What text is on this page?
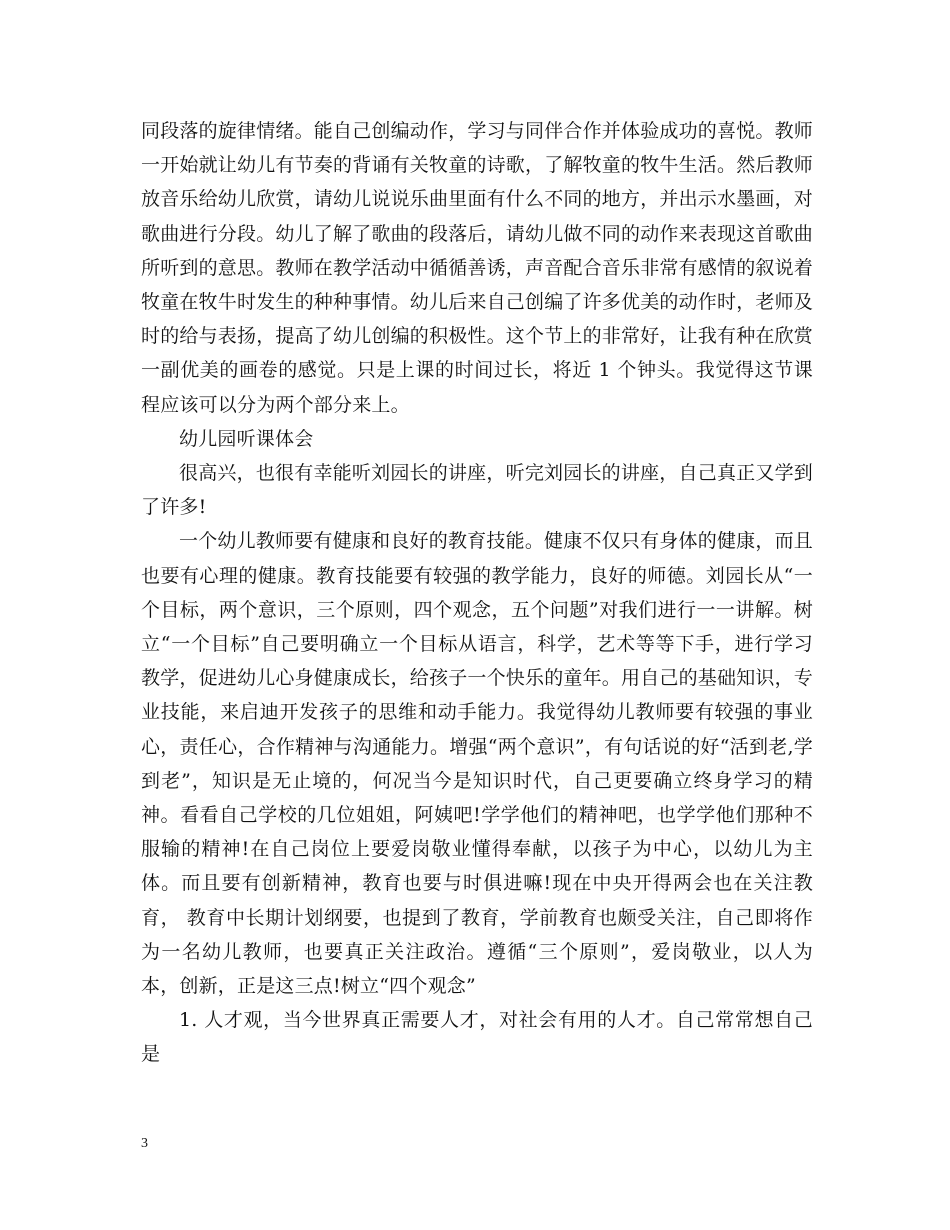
同段落的旋律情绪。能自己创编动作，学习与同伴合作并体验成功的喜悦。教师一开始就让幼儿有节奏的背诵有关牧童的诗歌，了解牧童的牧牛生活。然后教师放音乐给幼儿欣赏，请幼儿说说乐曲里面有什么不同的地方，并出示水墨画，对歌曲进行分段。幼儿了解了歌曲的段落后，请幼儿做不同的动作来表现这首歌曲所听到的意思。教师在教学活动中循循善诱，声音配合音乐非常有感情的叙说着牧童在牧牛时发生的种种事情。幼儿后来自己创编了许多优美的动作时，老师及时的给与表扬，提高了幼儿创编的积极性。这个节上的非常好，让我有种在欣赏一副优美的画卷的感觉。只是上课的时间过长，将近 1 个钟头。我觉得这节课程应该可以分为两个部分来上。

幼儿园听课体会

很高兴，也很有幸能听刘园长的讲座，听完刘园长的讲座，自己真正又学到了许多!

一个幼儿教师要有健康和良好的教育技能。健康不仅只有身体的健康，而且也要有心理的健康。教育技能要有较强的教学能力，良好的师德。刘园长从“一个目标，两个意识，三个原则，四个观念，五个问题”对我们进行一一讲解。树立“一个目标”自己要明确立一个目标从语言，科学，艺术等等下手，进行学习教学，促进幼儿心身健康成长，给孩子一个快乐的童年。用自己的基础知识，专业技能，来启迪开发孩子的思维和动手能力。我觉得幼儿教师要有较强的事业心，责任心，合作精神与沟通能力。增强“两个意识”，有句话说的好“活到老,学到老”，知识是无止境的，何况当今是知识时代，自己更要确立终身学习的精神。看看自己学校的几位姐姐，阿姨吧!学学他们的精神吧，也学学他们那种不服输的精神!在自己岗位上要爱岗敬业懂得奉献，以孩子为中心，以幼儿为主体。而且要有创新精神，教育也要与时俱进嘛!现在中央开得两会也在关注教育， 教育中长期计划纲要，也提到了教育，学前教育也颇受关注，自己即将作为一名幼儿教师，也要真正关注政治。遵循“三个原则”，爱岗敬业，以人为本，创新，正是这三点!树立“四个观念”

1. 人才观，当今世界真正需要人才，对社会有用的人才。自己常常想自己是

3
